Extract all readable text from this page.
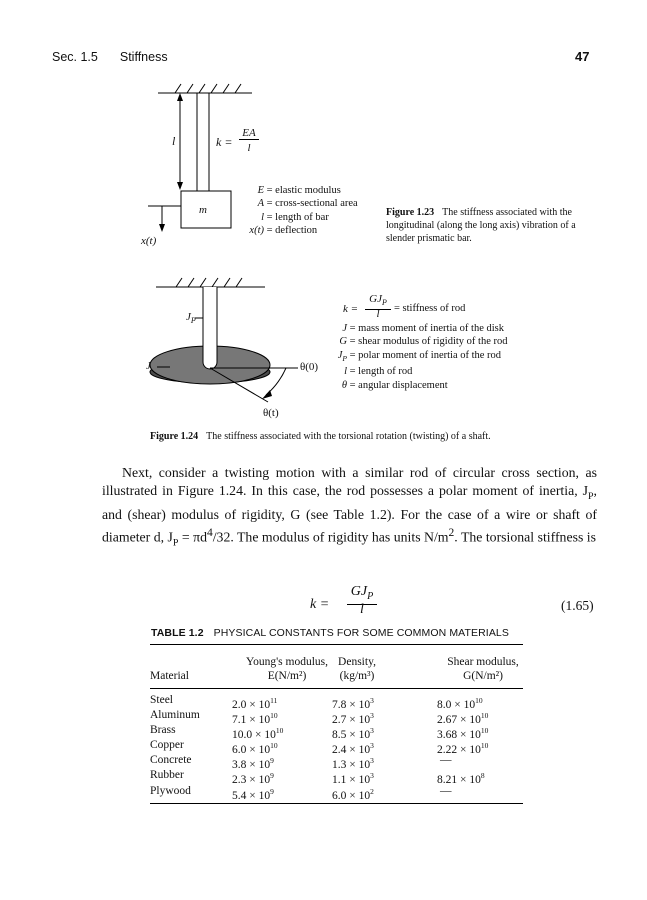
Sec. 1.5 Stiffness	47
l
m
x(t)
k =
EA
l
E = elastic modulus
A = cross-sectional area
l = length of bar
x(t) = deflection
Figure 1.23 The stiffness associated with the longitudinal (along the long axis) vibration of a slender prismatic bar.
$J_P$
J	θ(0)
θ(t)
k =
$GJ_P$
l	= stiffness of rod
J = mass moment of inertia of the disk
G = shear modulus of rigidity of the rod
$J_P$ = polar moment of inertia of the rod
l = length of rod
θ = angular displacement
Figure 1.24 The stiffness associated with the torsional rotation (twisting) of a shaft.

Next, consider a twisting motion with a similar rod of circular cross section, as illustrated in Figure 1.24. In this case, the rod possesses a polar moment of inertia, $J_P$, and (shear) modulus of rigidity, G (see Table 1.2). For the case of a wire or shaft of diameter d, $J_P = \pi d^4/32$. The modulus of rigidity has units $N/m^2$. The torsional stiffness is

k =
$GJ_P$
l	(1.65)
TABLE 1.2 PHYSICAL CONSTANTS FOR SOME COMMON MATERIALS
Material
Young's modulus,
E(N/m²)
Density,
(kg/m³)
Shear modulus,
G(N/m²)
Steel	$2.0 \times 10^{11}$	$7.8 \times 10^3$	$8.0 \times 10^{10}$
Aluminum	$7.1 \times 10^{10}$	$2.7 \times 10^3$	$2.67 \times 10^{10}$
Brass	$10.0 \times 10^{10}$	$8.5 \times 10^3$	$3.68 \times 10^{10}$
Copper	$6.0 \times 10^{10}$	$2.4 \times 10^3$	$2.22 \times 10^{10}$
Concrete	$3.8 \times 10^9$	$1.3 \times 10^3$	—
Rubber	$2.3 \times 10^9$	$1.1 \times 10^3$	$8.21 \times 10^8$
Plywood	$5.4 \times 10^9$	$6.0 \times 10^2$	—
